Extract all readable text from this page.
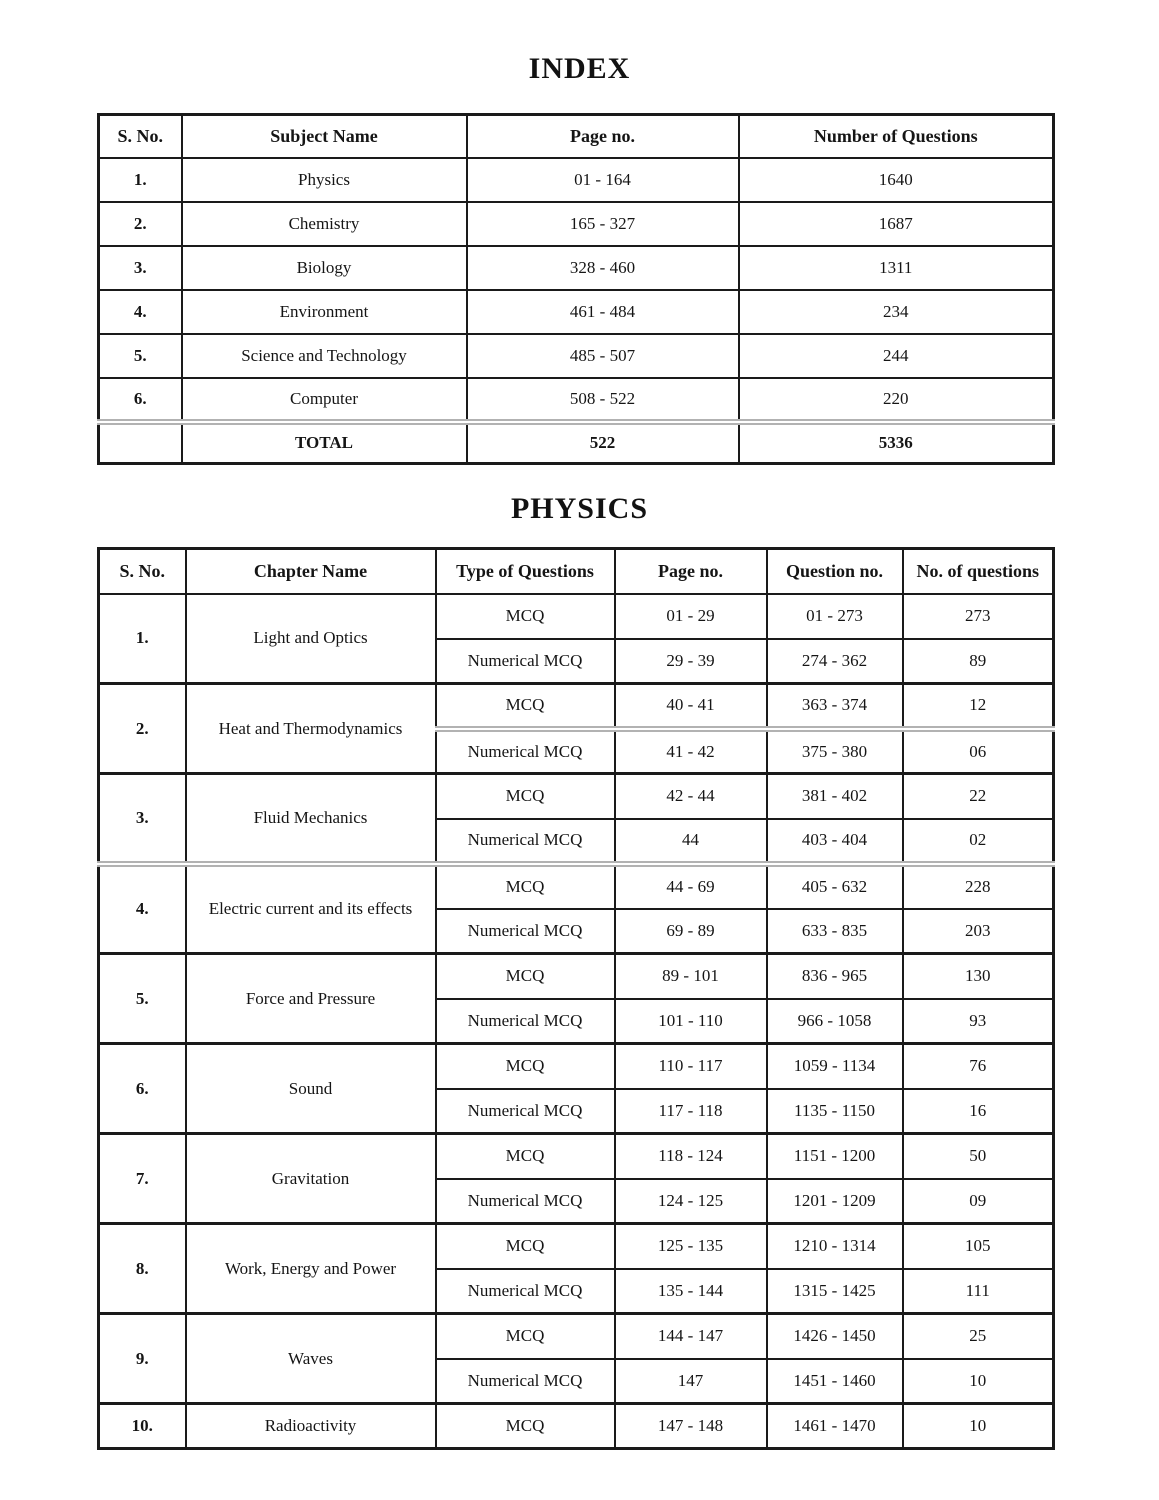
INDEX
S. No.	Subject Name	Page no.	Number of Questions
1.	Physics	01 - 164	1640
2.	Chemistry	165 - 327	1687
3.	Biology	328 - 460	1311
4.	Environment	461 - 484	234
5.	Science and Technology	485 - 507	244
6.	Computer	508 - 522	220
	TOTAL	522	5336
PHYSICS
S. No.	Chapter Name	Type of Questions	Page no.	Question no.	No. of questions
1.	Light and Optics	MCQ	01 - 29	01 - 273	273
		Numerical MCQ	29 - 39	274 - 362	89
2.	Heat and Thermodynamics	MCQ	40 - 41	363 - 374	12
		Numerical MCQ	41 - 42	375 - 380	06
3.	Fluid Mechanics	MCQ	42 - 44	381 - 402	22
		Numerical MCQ	44	403 - 404	02
4.	Electric current and its effects	MCQ	44 - 69	405 - 632	228
		Numerical MCQ	69 - 89	633 - 835	203
5.	Force and Pressure	MCQ	89 - 101	836 - 965	130
		Numerical MCQ	101 - 110	966 - 1058	93
6.	Sound	MCQ	110 - 117	1059 - 1134	76
		Numerical MCQ	117 - 118	1135 - 1150	16
7.	Gravitation	MCQ	118 - 124	1151 - 1200	50
		Numerical MCQ	124 - 125	1201 - 1209	09
8.	Work, Energy and Power	MCQ	125 - 135	1210 - 1314	105
		Numerical MCQ	135 - 144	1315 - 1425	111
9.	Waves	MCQ	144 - 147	1426 - 1450	25
		Numerical MCQ	147	1451 - 1460	10
10.	Radioactivity	MCQ	147 - 148	1461 - 1470	10
